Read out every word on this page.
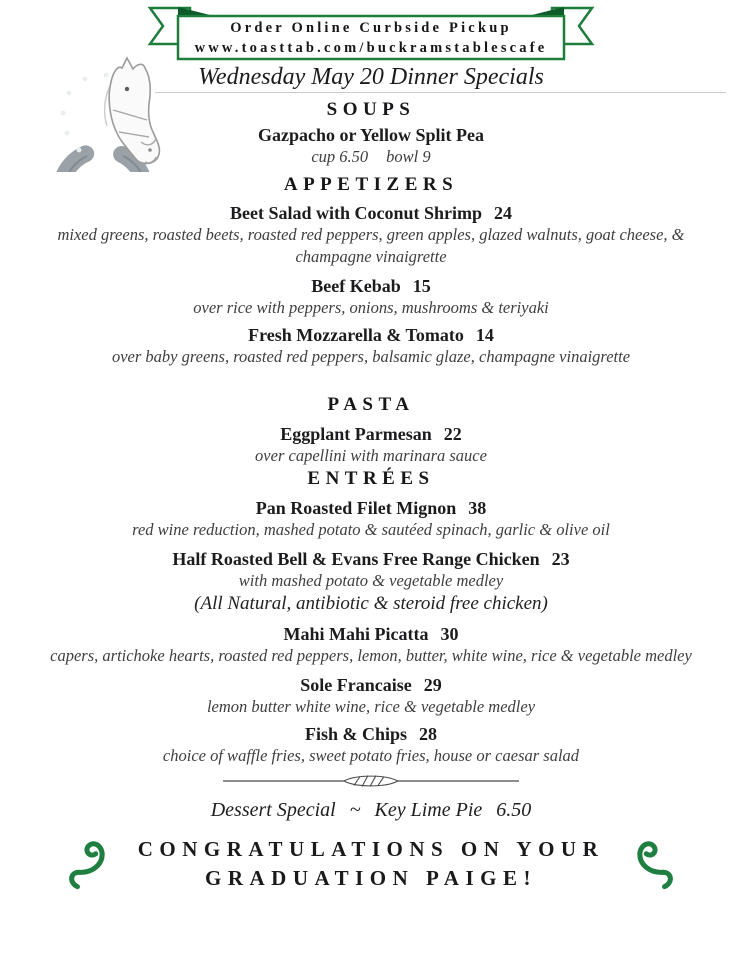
Order Online Curbside Pickup
www.toasttab.com/buckramstablescafe
Wednesday May 20 Dinner Specials
SOUPS
Gazpacho or Yellow Split Pea
cup 6.50 bowl 9
APPETIZERS
Beet Salad with Coconut Shrimp 24
mixed greens, roasted beets, roasted red peppers, green apples, glazed walnuts, goat cheese, & champagne vinaigrette
Beef Kebab 15
over rice with peppers, onions, mushrooms & teriyaki
Fresh Mozzarella & Tomato 14
over baby greens, roasted red peppers, balsamic glaze, champagne vinaigrette
PASTA
Eggplant Parmesan 22
over capellini with marinara sauce
ENTRÉES
Pan Roasted Filet Mignon 38
red wine reduction, mashed potato & sautéed spinach, garlic & olive oil
Half Roasted Bell & Evans Free Range Chicken 23
with mashed potato & vegetable medley
(All Natural, antibiotic & steroid free chicken)
Mahi Mahi Picatta 30
capers, artichoke hearts, roasted red peppers, lemon, butter, white wine, rice & vegetable medley
Sole Francaise 29
lemon butter white wine, rice & vegetable medley
Fish & Chips 28
choice of waffle fries, sweet potato fries, house or caesar salad
Dessert Special ~ Key Lime Pie 6.50
CONGRATULATIONS ON YOUR
GRADUATION PAIGE!
